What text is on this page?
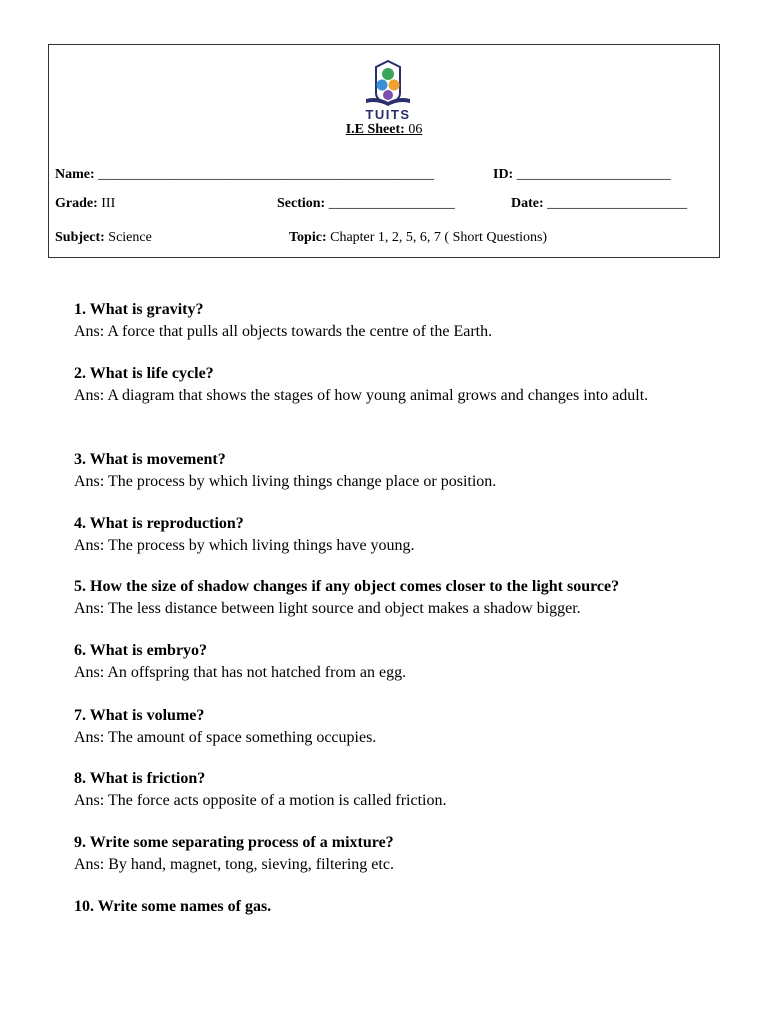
TUITS
I.E Sheet: 06
Name: ________________________________________________	ID: ______________________
Grade: III	Section: __________________	Date: ____________________
Subject: Science	Topic: Chapter 1, 2, 5, 6, 7 ( Short Questions)
1. What is gravity?
Ans: A force that pulls all objects towards the centre of the Earth.
2. What is life cycle?
Ans: A diagram that shows the stages of how young animal grows and changes into adult.
3. What is movement?
Ans: The process by which living things change place or position.
4. What is reproduction?
Ans: The process by which living things have young.
5. How the size of shadow changes if any object comes closer to the light source?
Ans: The less distance between light source and object makes a shadow bigger.
6. What is embryo?
Ans: An offspring that has not hatched from an egg.
7. What is volume?
Ans: The amount of space something occupies.
8. What is friction?
Ans: The force acts opposite of a motion is called friction.
9. Write some separating process of a mixture?
Ans: By hand, magnet, tong, sieving, filtering etc.
10. Write some names of gas.
